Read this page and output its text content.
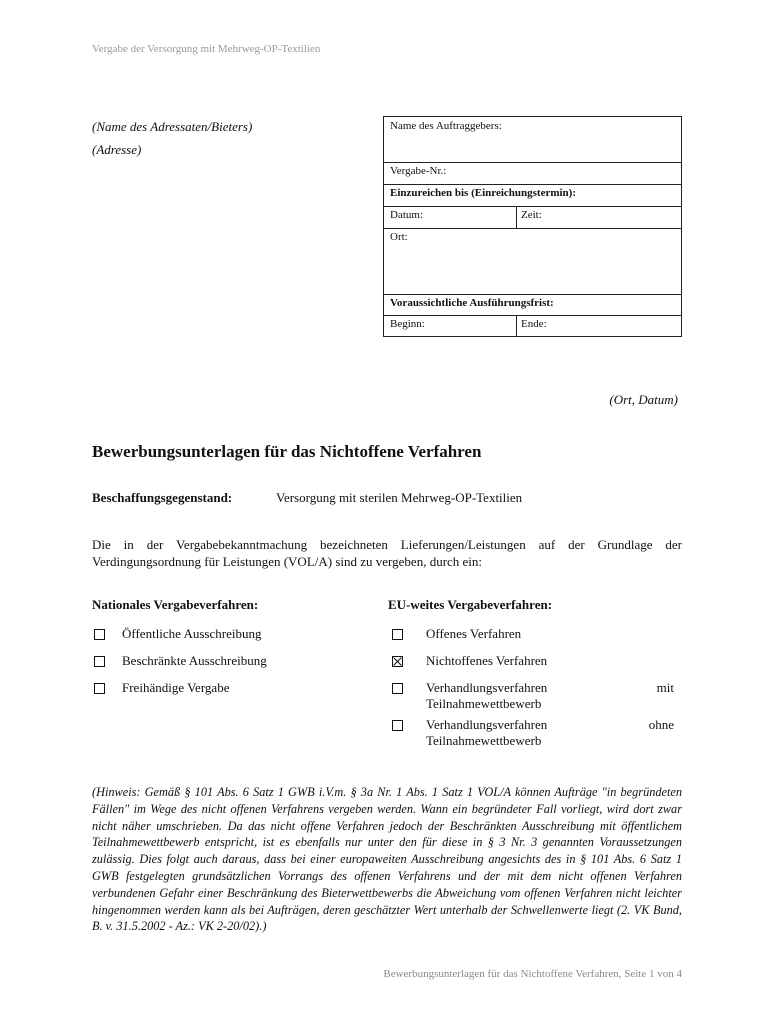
Vergabe der Versorgung mit Mehrweg-OP-Textilien
(Name des Adressaten/Bieters)
(Adresse)
Name des Auftraggebers:
Vergabe-Nr.:
Einzureichen bis (Einreichungstermin):
Datum:	Zeit:
Ort:
Voraussichtliche Ausführungsfrist:
Beginn:	Ende:
(Ort, Datum)
Bewerbungsunterlagen für das Nichtoffene Verfahren
Beschaffungsgegenstand:	Versorgung mit sterilen Mehrweg-OP-Textilien
Die in der Vergabebekanntmachung bezeichneten Lieferungen/Leistungen auf der Grundlage der Verdingungsordnung für Leistungen (VOL/A) sind zu vergeben, durch ein:
Nationales Vergabeverfahren:	EU-weites Vergabeverfahren:
Öffentliche Ausschreibung
Beschränkte Ausschreibung
Freihändige Vergabe
Offenes Verfahren
Nichtoffenes Verfahren
Verhandlungsverfahren mit Teilnahmewettbewerb
Verhandlungsverfahren ohne Teilnahmewettbewerb
(Hinweis: Gemäß § 101 Abs. 6 Satz 1 GWB i.V.m. § 3a Nr. 1 Abs. 1 Satz 1 VOL/A können Aufträge "in begründeten Fällen" im Wege des nicht offenen Verfahrens vergeben werden. Wann ein begründeter Fall vorliegt, wird dort zwar nicht näher umschrieben. Da das nicht offene Verfahren jedoch der Beschränkten Ausschreibung mit öffentlichem Teilnahmewettbewerb entspricht, ist es ebenfalls nur unter den für diese in § 3 Nr. 3 genannten Voraussetzungen zulässig. Dies folgt auch daraus, dass bei einer europaweiten Ausschreibung angesichts des in § 101 Abs. 6 Satz 1 GWB festgelegten grundsätzlichen Vorrangs des offenen Verfahrens und der mit dem nicht offenen Verfahren verbundenen Gefahr einer Beschränkung des Bieterwettbewerbs die Abweichung vom offenen Verfahren nicht leichter hingenommen werden kann als bei Aufträgen, deren geschätzter Wert unterhalb der Schwellenwerte liegt (2. VK Bund, B. v. 31.5.2002 - Az.: VK 2-20/02).)
Bewerbungsunterlagen für das Nichtoffene Verfahren, Seite 1 von 4
